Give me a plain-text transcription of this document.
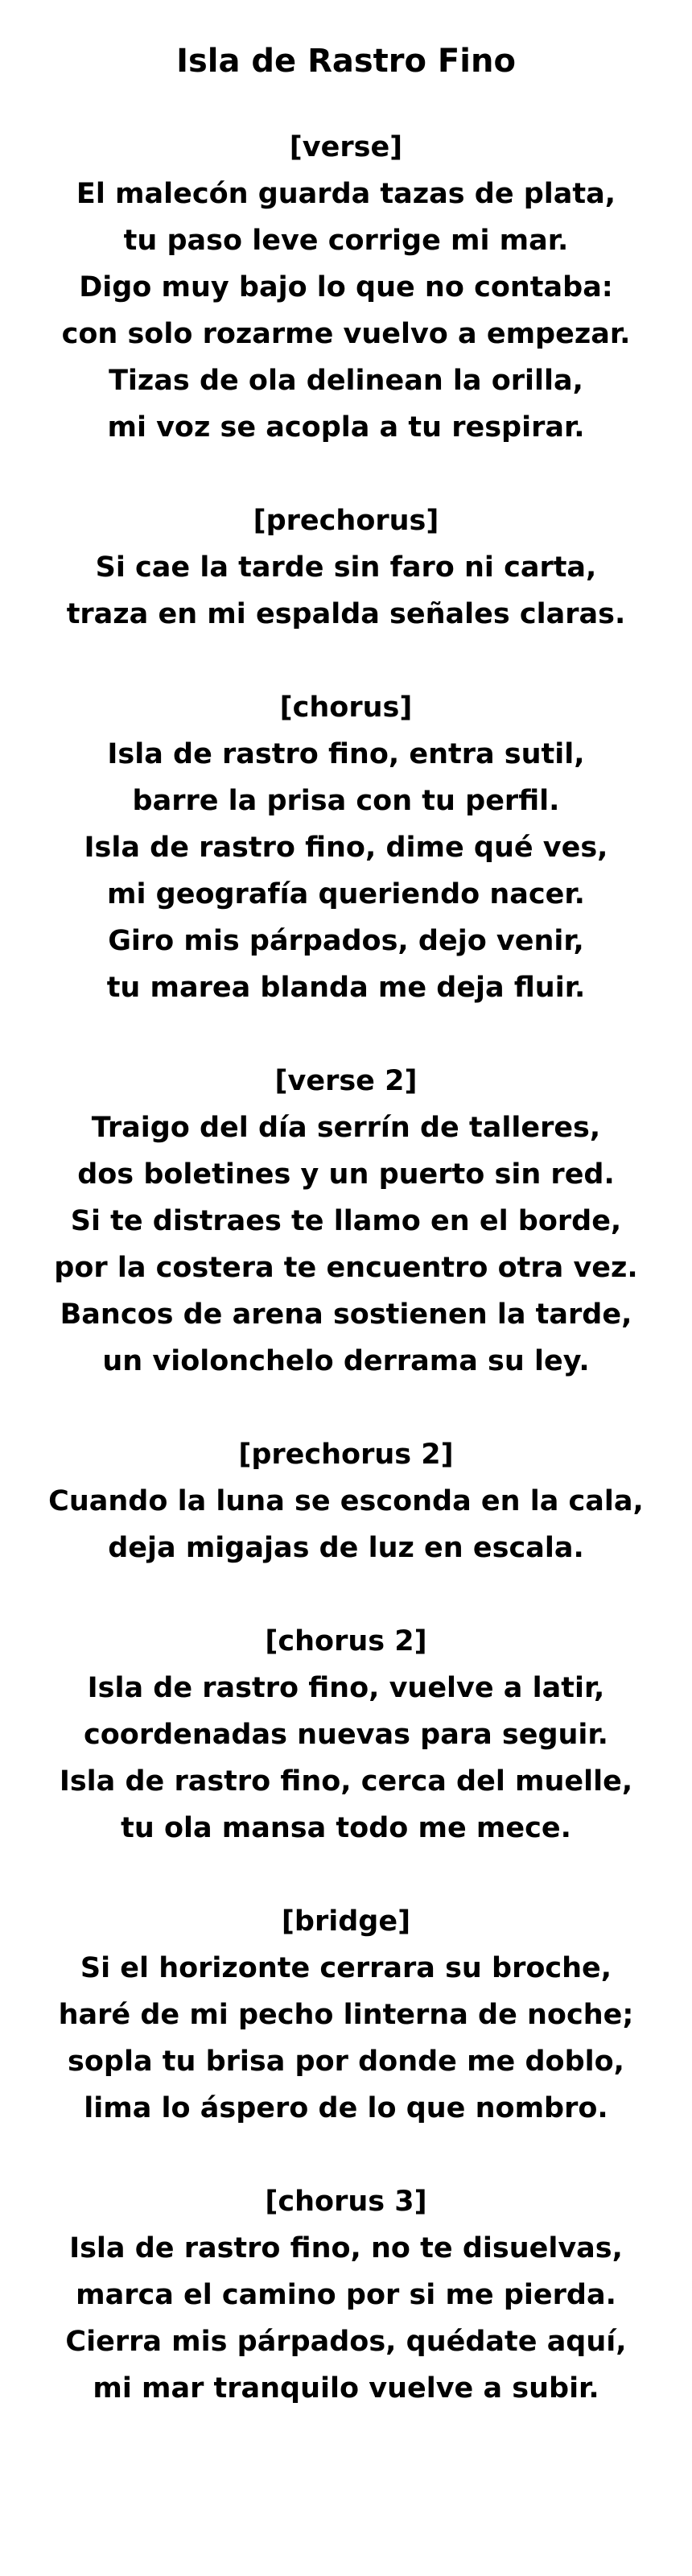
Isla de Rastro Fino
[verse]
El malecón guarda tazas de plata,
tu paso leve corrige mi mar.
Digo muy bajo lo que no contaba:
con solo rozarme vuelvo a empezar.
Tizas de ola delinean la orilla,
mi voz se acopla a tu respirar.
[prechorus]
Si cae la tarde sin faro ni carta,
traza en mi espalda señales claras.
[chorus]
Isla de rastro fino, entra sutil,
barre la prisa con tu perfil.
Isla de rastro fino, dime qué ves,
mi geografía queriendo nacer.
Giro mis párpados, dejo venir,
tu marea blanda me deja fluir.
[verse 2]
Traigo del día serrín de talleres,
dos boletines y un puerto sin red.
Si te distraes te llamo en el borde,
por la costera te encuentro otra vez.
Bancos de arena sostienen la tarde,
un violonchelo derrama su ley.
[prechorus 2]
Cuando la luna se esconda en la cala,
deja migajas de luz en escala.
[chorus 2]
Isla de rastro fino, vuelve a latir,
coordenadas nuevas para seguir.
Isla de rastro fino, cerca del muelle,
tu ola mansa todo me mece.
[bridge]
Si el horizonte cerrara su broche,
haré de mi pecho linterna de noche;
sopla tu brisa por donde me doblo,
lima lo áspero de lo que nombro.
[chorus 3]
Isla de rastro fino, no te disuelvas,
marca el camino por si me pierda.
Cierra mis párpados, quédate aquí,
mi mar tranquilo vuelve a subir.
